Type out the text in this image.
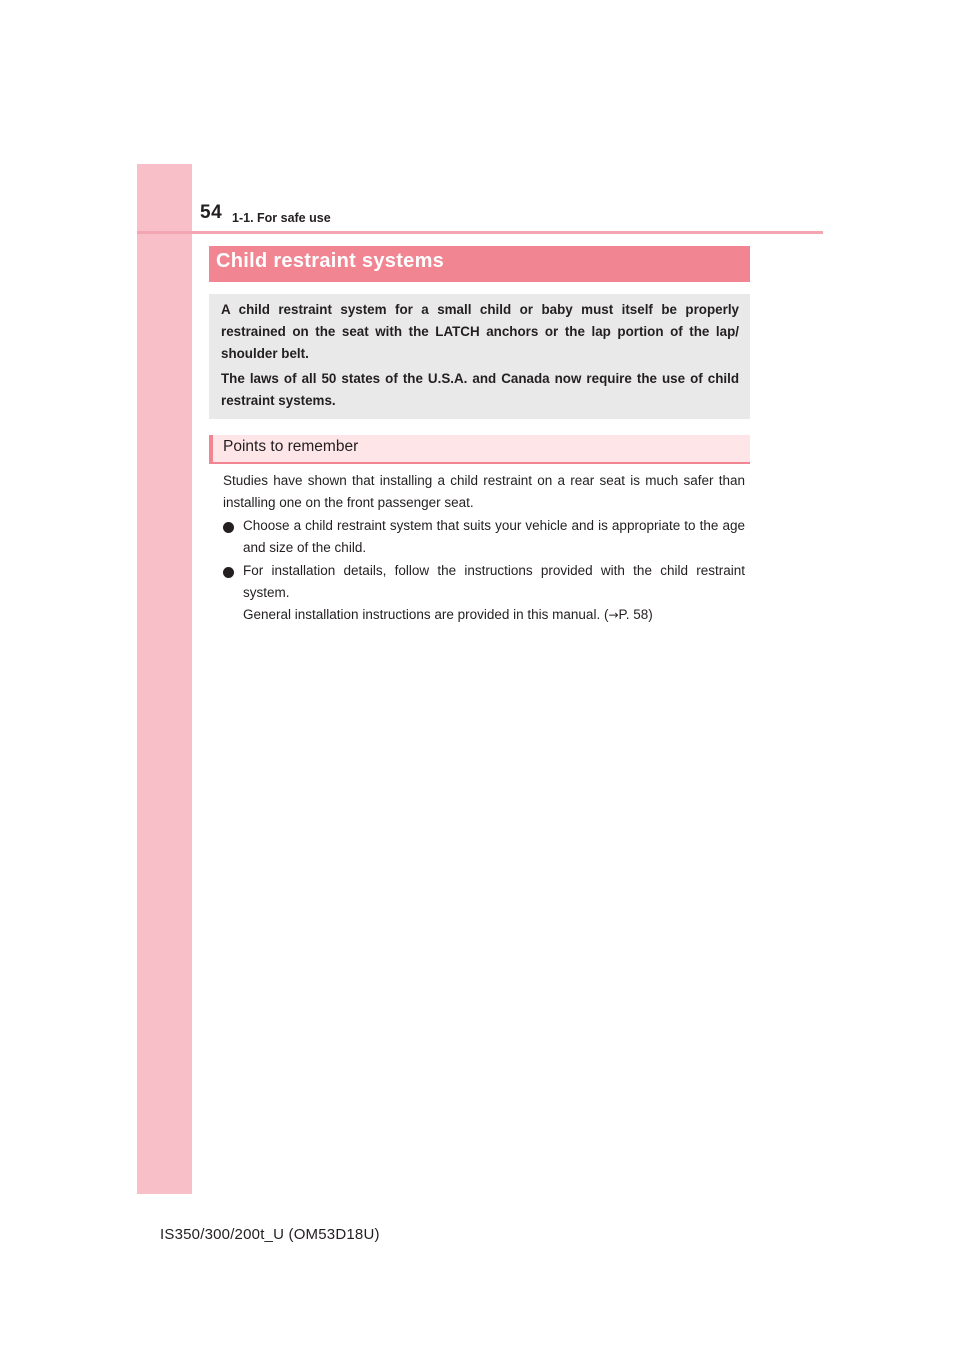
54 1-1. For safe use
Child restraint systems

A child restraint system for a small child or baby must itself be properly restrained on the seat with the LATCH anchors or the lap portion of the lap/ shoulder belt.

The laws of all 50 states of the U.S.A. and Canada now require the use of child restraint systems.

Points to remember

Studies have shown that installing a child restraint on a rear seat is much safer than installing one on the front passenger seat.

Choose a child restraint system that suits your vehicle and is appropriate to the age and size of the child.

For installation details, follow the instructions provided with the child restraint system.

General installation instructions are provided in this manual. (→P. 58)

IS350/300/200t_U (OM53D18U)
